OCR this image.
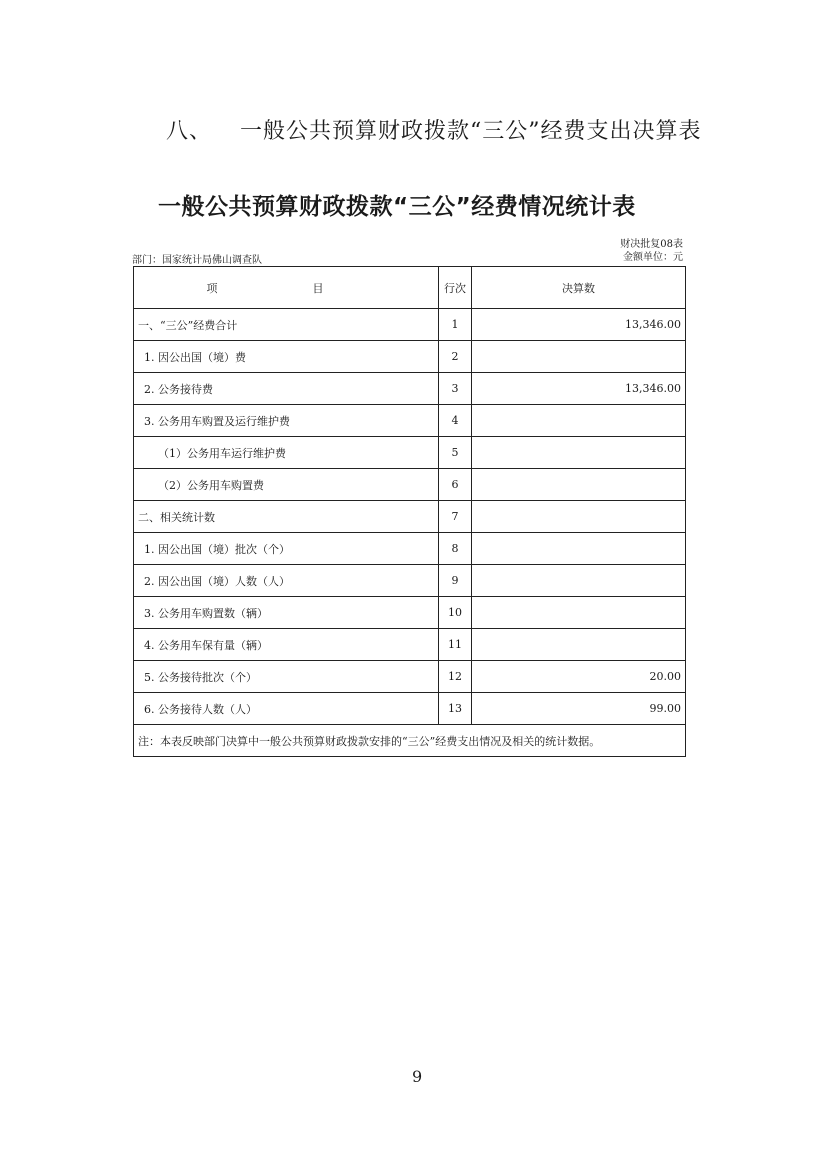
八、 一般公共预算财政拨款“三公”经费支出决算表
一般公共预算财政拨款“三公”经费情况统计表
财决批复08表
金额单位：元
部门：国家统计局佛山调查队
项　目	行次	决算数
一、“三公”经费合计	1	13,346.00
1. 因公出国（境）费	2	
2. 公务接待费	3	13,346.00
3. 公务用车购置及运行维护费	4	
（1）公务用车运行维护费	5	
（2）公务用车购置费	6	
二、相关统计数	7	
1. 因公出国（境）批次（个）	8	
2. 因公出国（境）人数（人）	9	
3. 公务用车购置数（辆）	10	
4. 公务用车保有量（辆）	11	
5. 公务接待批次（个）	12	20.00
6. 公务接待人数（人）	13	99.00
注：本表反映部门决算中一般公共预算财政拨款安排的“三公”经费支出情况及相关的统计数据。		
9
